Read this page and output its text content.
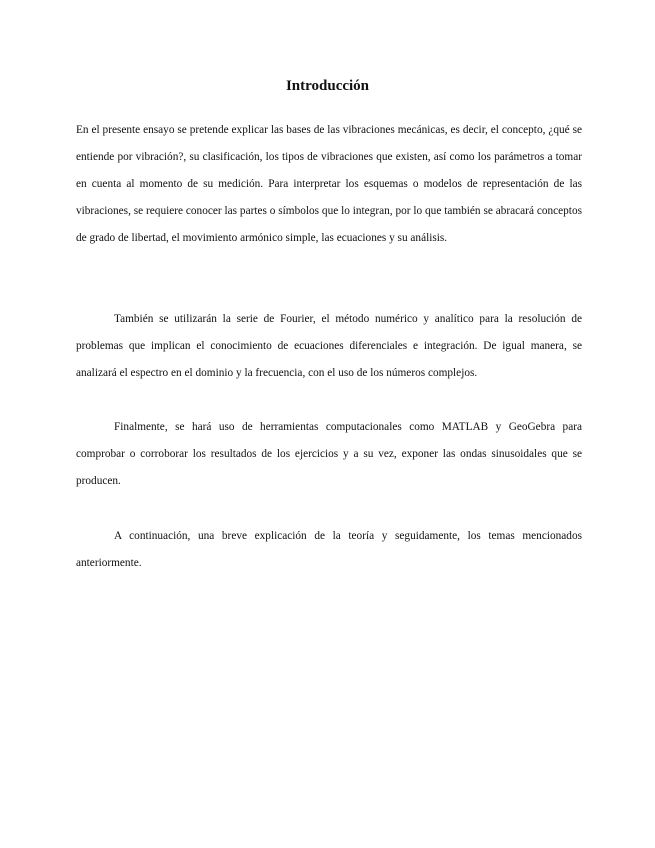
Introducción

En el presente ensayo se pretende explicar las bases de las vibraciones mecánicas, es decir, el concepto, ¿qué se entiende por vibración?, su clasificación, los tipos de vibraciones que existen, así como los parámetros a tomar en cuenta al momento de su medición. Para interpretar los esquemas o modelos de representación de las vibraciones, se requiere conocer las partes o símbolos que lo integran, por lo que también se abracará conceptos de grado de libertad, el movimiento armónico simple, las ecuaciones y su análisis.

También se utilizarán la serie de Fourier, el método numérico y analítico para la resolución de problemas que implican el conocimiento de ecuaciones diferenciales e integración. De igual manera, se analizará el espectro en el dominio y la frecuencia, con el uso de los números complejos.

Finalmente, se hará uso de herramientas computacionales como MATLAB y GeoGebra para comprobar o corroborar los resultados de los ejercicios y a su vez, exponer las ondas sinusoidales que se producen.

A continuación, una breve explicación de la teoría y seguidamente, los temas mencionados anteriormente.
